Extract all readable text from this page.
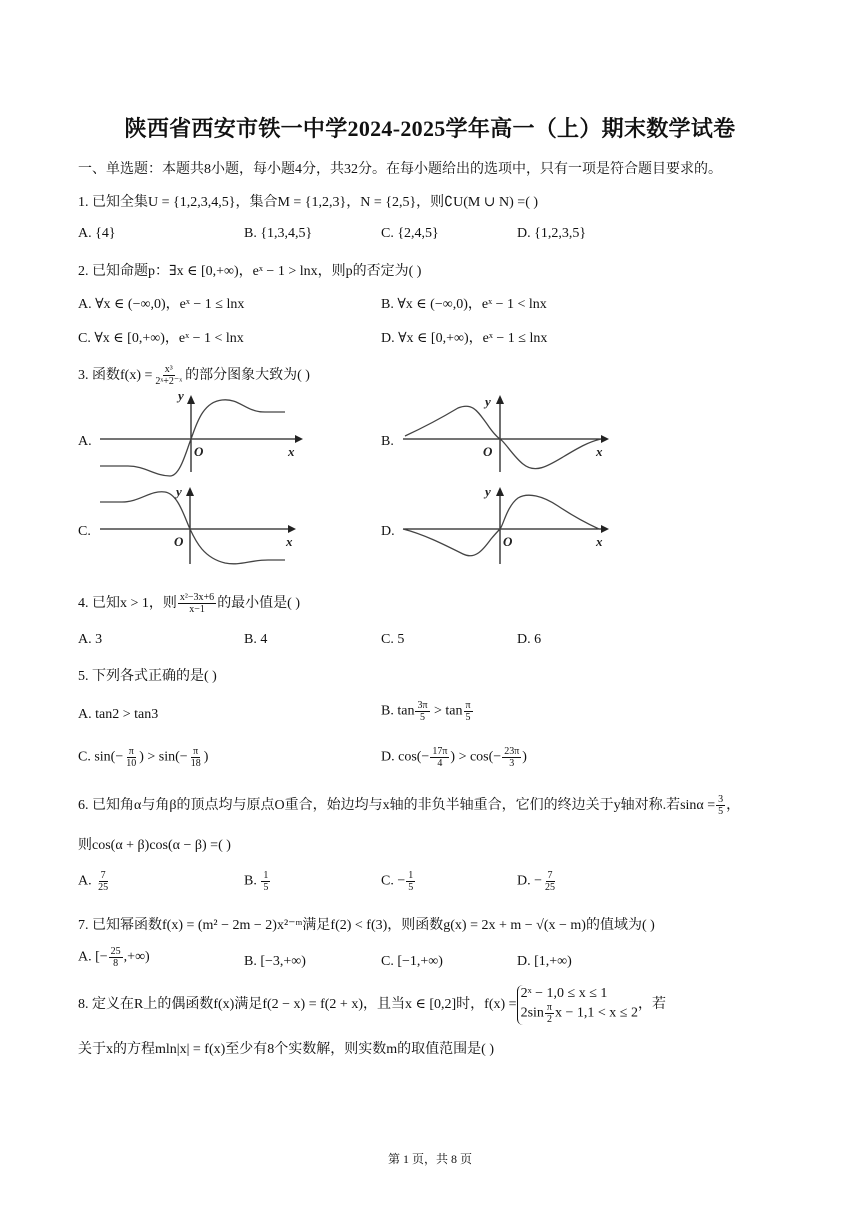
陕西省西安市铁一中学2024-2025学年高一（上）期末数学试卷
一、单选题：本题共8小题，每小题4分，共32分。在每小题给出的选项中，只有一项是符合题目要求的。
1. 已知全集U = {1,2,3,4,5}，集合M = {1,2,3}，N = {2,5}，则∁U(M ∪ N) =( )
A. {4}	B. {1,3,4,5}	C. {2,4,5}	D. {1,2,3,5}
2. 已知命题p：∃x ∈ [0,+∞)，eˣ − 1 > lnx，则p的否定为( )
A. ∀x ∈ (−∞,0)，eˣ − 1 ≤ lnx	B. ∀x ∈ (−∞,0)，eˣ − 1 < lnx
C. ∀x ∈ [0,+∞)，eˣ − 1 < lnx	D. ∀x ∈ [0,+∞)，eˣ − 1 ≤ lnx
3. 函数$f(x) = \frac{\text{x³}}{\text{2ˣ+2⁻ˣ}}$ 的部分图象大致为( )
A.	B.
C.	D.
y
O	x
y
O	x
y
O	x
y
O	x
4. 已知x > 1，则 $\frac{\text{x²−3x+6}}{x-1}$ 的最小值是( )
A. 3	B. 4	C. 5	D. 6
5. 下列各式正确的是( )
A. tan2 > tan3	B. $\tan \frac{3\pi}{5} > \tan \frac{\pi}{5}$
C. $\sin(- \frac{\pi}{10}$ ) > $\sin(- \frac{\pi}{18}$ )	D. $\cos(- \frac{17\pi}{4}$ ) > $\cos(- \frac{23\pi}{3}$ )
6. 已知角α与角β的顶点均与原点O重合，始边均与x轴的非负半轴重合，它们的终边关于y轴对称.若$\sin\alpha = \frac{3}{5}$ ，
则cos(α + β)cos(α − β) =( )
A. $\frac{7}{25}$	B. $\frac{1}{5}$	C. − $\frac{1}{5}$	D. − $\frac{7}{25}$
7. 已知幂函数f(x) = (m² − 2m − 2)x²⁻ᵐ满足f(2) < f(3)，则函数g(x) = 2x + m − √(x − m)的值域为( )
A. [− $\frac{25}{8}$ ,+∞)	B. [−3,+∞)	C. [−1,+∞)	D. [1,+∞)
8. 定义在R上的偶函数f(x)满足f(2 − x) = f(2 + x)，且当x ∈ [0,2]时，f(x) =
2ˣ − 1,0 ≤ x ≤ 1
$2\sin \frac{\pi}{2}$ x − 1,1 < x ≤ 2
，若
关于x的方程mln|x| = f(x)至少有8个实数解，则实数m的取值范围是( )
第 1 页，共 8 页
